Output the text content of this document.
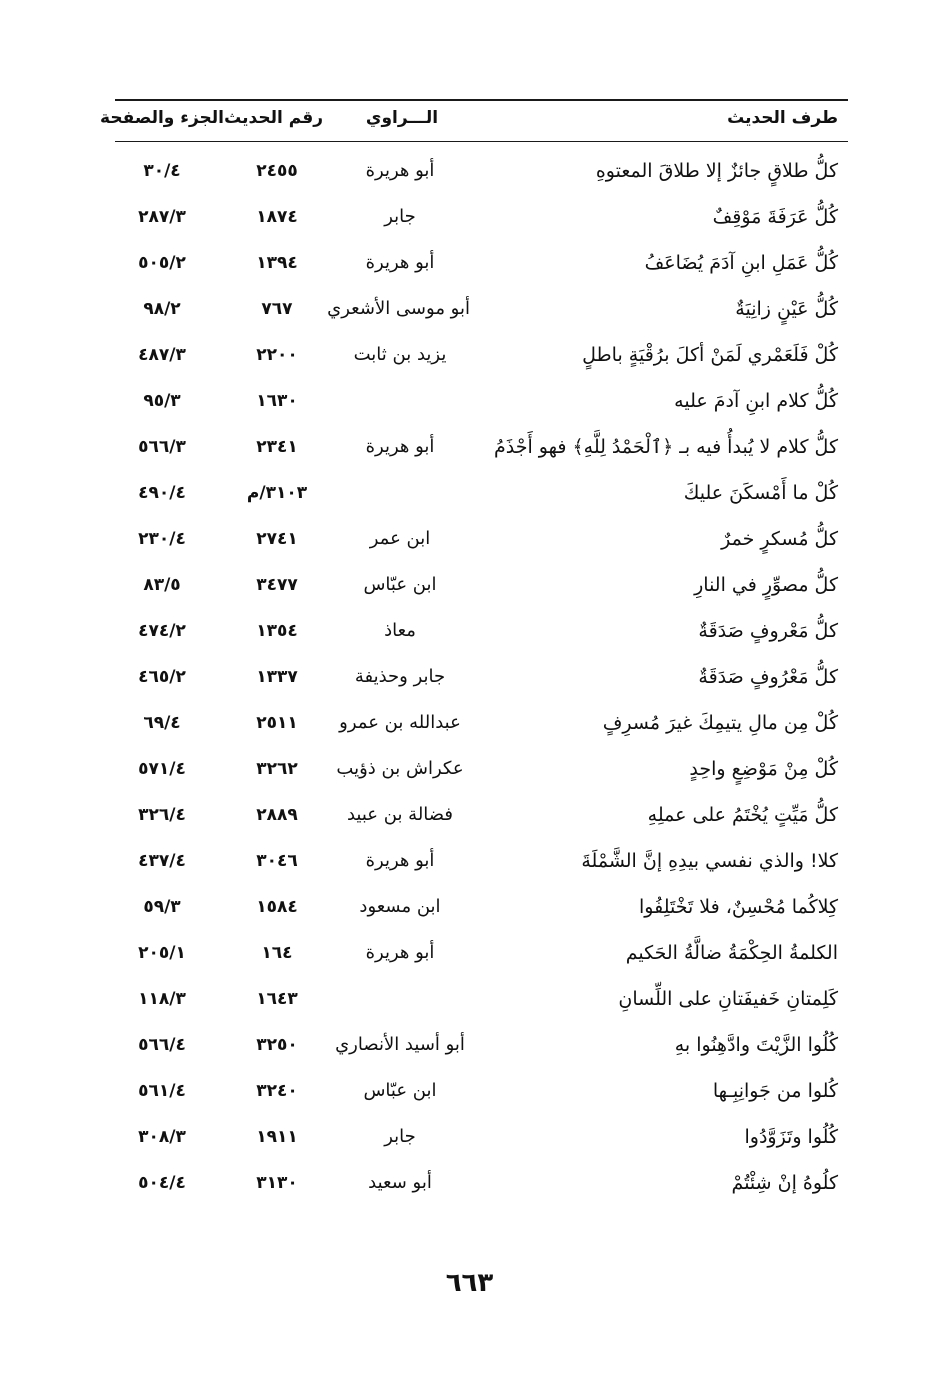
طرف الحديث
الـــراوي
رقم الحديث
الجزء والصفحة
كلُّ طلاقٍ جائزٌ إلا طلاقَ المعتوهِ
أبو هريرة
٢٤٥٥
٣٠/٤
كُلُّ عَرَفَةَ مَوْقِفٌ
جابر
١٨٧٤
٢٨٧/٣
كُلُّ عَمَلِ ابنِ آدَمَ يُضَاعَفُ
أبو هريرة
١٣٩٤
٥٠٥/٢
كُلُّ عَيْنٍ زانِيَةٌ
أبو موسى الأشعري
٧٦٧
٩٨/٢
كُلْ فَلَعَمْري لَمَنْ أكلَ برُقْيَةٍ باطلٍ
يزيد بن ثابت
٢٢٠٠
٤٨٧/٣
كُلُّ كلام ابنِ آدمَ عليه
١٦٣٠
٩٥/٣
كلُّ كلام لا يُبدأُ فيه بـ ﴿ٱلْحَمْدُ لِلَّهِ﴾ فهو أَجْذَمُ
أبو هريرة
٢٣٤١
٥٦٦/٣
كُلْ ما أَمْسكَنَ عليكَ
٣١٠٣/م
٤٩٠/٤
كلُّ مُسكرٍ خمرٌ
ابن عمر
٢٧٤١
٢٣٠/٤
كلُّ مصوِّرٍ في النارِ
ابن عبّاس
٣٤٧٧
٨٣/٥
كلُّ مَعْروفٍ صَدَقَةٌ
معاذ
١٣٥٤
٤٧٤/٢
كلُّ مَعْرُوفٍ صَدَقَةٌ
جابر وحذيفة
١٣٣٧
٤٦٥/٢
كُلْ مِن مالِ يتيمِكَ غيرَ مُسرِفٍ
عبدالله بن عمرو
٢٥١١
٦٩/٤
كُلْ مِنْ مَوْضِعٍ واحِدٍ
عكراش بن ذؤيب
٣٢٦٢
٥٧١/٤
كلُّ مَيِّتٍ يُخْتَمُ على عملِهِ
فضالة بن عبيد
٢٨٨٩
٣٢٦/٤
كلا! والذي نفسي بيدِهِ إنَّ الشَّمْلَةَ
أبو هريرة
٣٠٤٦
٤٣٧/٤
كِلاكُما مُحْسِنٌ، فلا تَخْتَلِفُوا
ابن مسعود
١٥٨٤
٥٩/٣
الكلمةُ الحِكْمَةُ ضالَّةُ الحَكيم
أبو هريرة
١٦٤
٢٠٥/١
كَلِمتانِ خَفيفَتانِ على اللِّسانِ
١٦٤٣
١١٨/٣
كُلُوا الزَّيْتَ وادَّهِنُوا بهِ
أبو أسيد الأنصاري
٣٢٥٠
٥٦٦/٤
كُلوا من جَوانِبِـها
ابن عبّاس
٣٢٤٠
٥٦١/٤
كُلُوا وتَزَوَّدُوا
جابر
١٩١١
٣٠٨/٣
كلُوهُ إنْ شِئْتُمْ
أبو سعيد
٣١٣٠
٥٠٤/٤
٦٦٣
